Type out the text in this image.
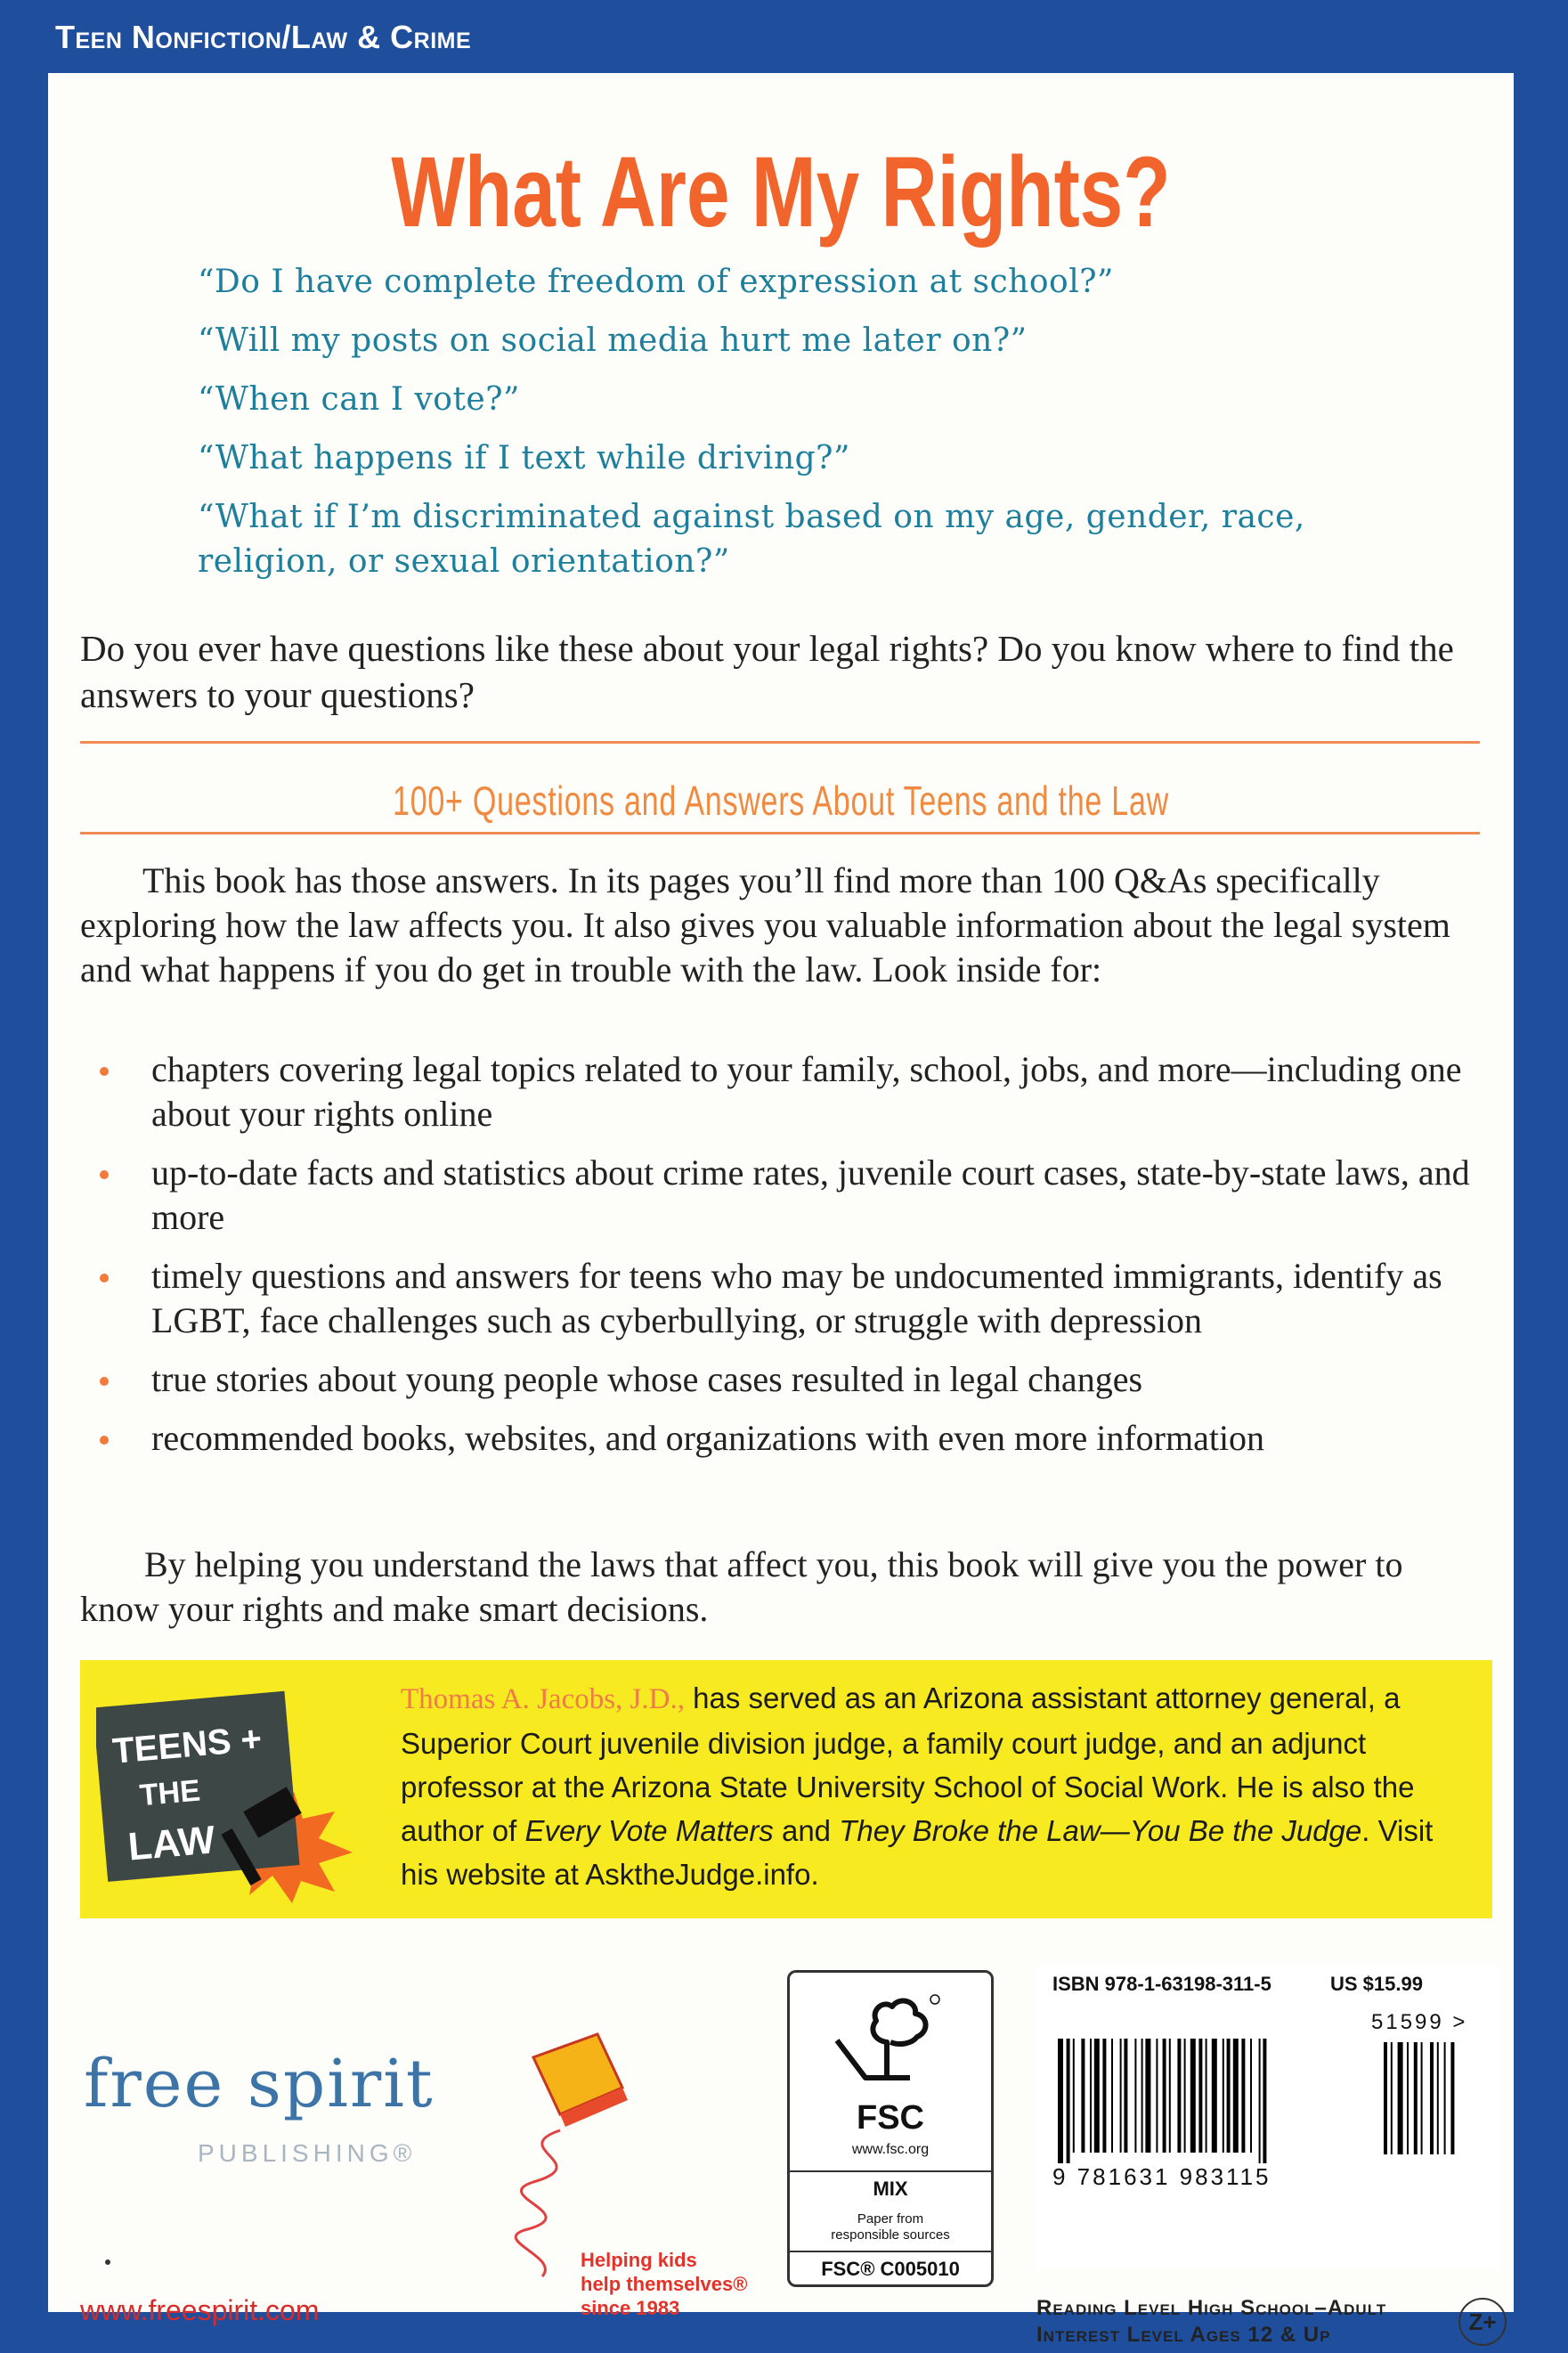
Teen Nonfiction/Law & Crime
What Are My Rights?
“Do I have complete freedom of expression at school?”
“Will my posts on social media hurt me later on?”
“When can I vote?”
“What happens if I text while driving?”
“What if I’m discriminated against based on my age, gender, race, religion, or sexual orientation?”
Do you ever have questions like these about your legal rights? Do you know where to find the answers to your questions?
100+ Questions and Answers About Teens and the Law
This book has those answers. In its pages you’ll find more than 100 Q&As specifically exploring how the law affects you. It also gives you valuable information about the legal system and what happens if you do get in trouble with the law. Look inside for:
chapters covering legal topics related to your family, school, jobs, and more—including one about your rights online
up-to-date facts and statistics about crime rates, juvenile court cases, state-by-state laws, and more
timely questions and answers for teens who may be undocumented immigrants, identify as LGBT, face challenges such as cyberbullying, or struggle with depression
true stories about young people whose cases resulted in legal changes
recommended books, websites, and organizations with even more information
By helping you understand the laws that affect you, this book will give you the power to know your rights and make smart decisions.
TEENS +
THE
LAW
Thomas A. Jacobs, J.D., has served as an Arizona assistant attorney general, a Superior Court juvenile division judge, a family court judge, and an adjunct professor at the Arizona State University School of Social Work. He is also the author of Every Vote Matters and They Broke the Law—You Be the Judge. Visit his website at AsktheJudge.info.
free spirit
PUBLISHING®
www.freespirit.com
Helping kids
help themselves®
since 1983
FSC
www.fsc.org
MIX
Paper from
responsible sources
FSC® C005010
ISBN 978-1-63198-311-5	US $15.99
51599 >
9 781631 983115
Reading Level High School–Adult
Interest Level Ages 12 & Up	Z+
